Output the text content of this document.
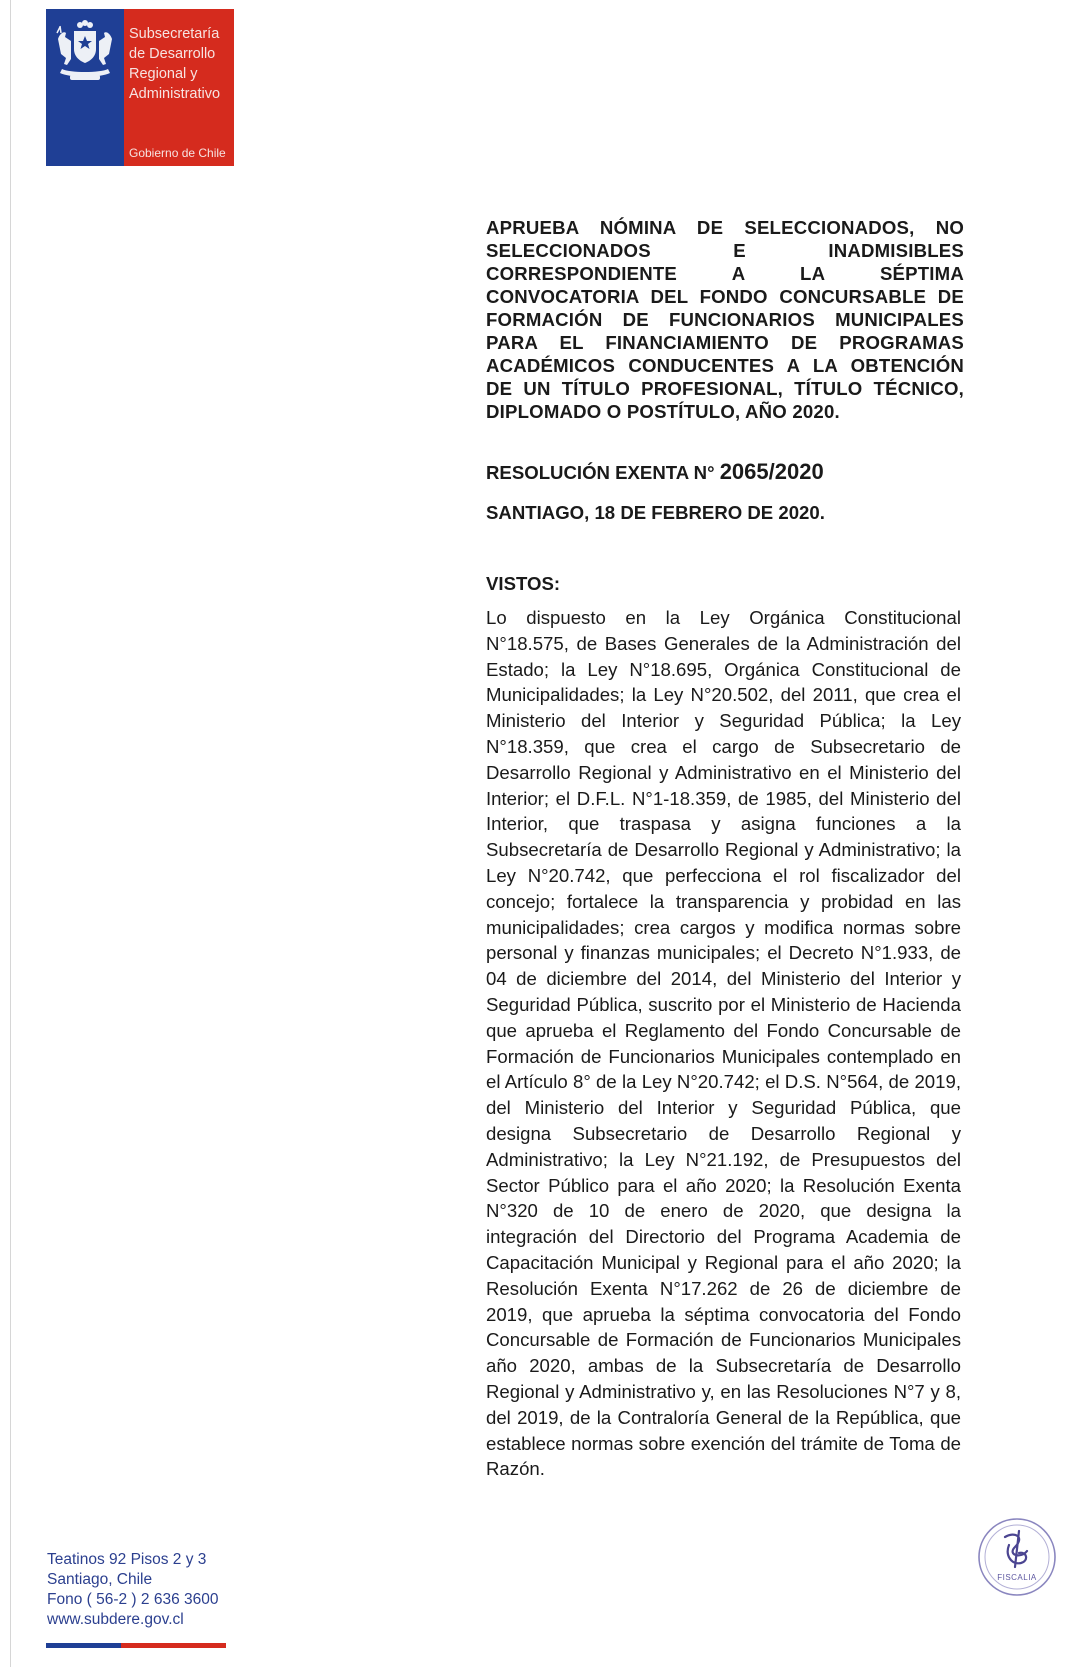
Subsecretaría
de Desarrollo
Regional y
Administrativo
Gobierno de Chile
APRUEBA NÓMINA DE SELECCIONADOS, NO SELECCIONADOS E INADMISIBLES CORRESPONDIENTE A LA SÉPTIMA CONVOCATORIA DEL FONDO CONCURSABLE DE FORMACIÓN DE FUNCIONARIOS MUNICIPALES PARA EL FINANCIAMIENTO DE PROGRAMAS ACADÉMICOS CONDUCENTES A LA OBTENCIÓN DE UN TÍTULO PROFESIONAL, TÍTULO TÉCNICO, DIPLOMADO O POSTÍTULO, AÑO 2020.
RESOLUCIÓN EXENTA N° 2065/2020
SANTIAGO, 18 DE FEBRERO DE 2020.
VISTOS:
Lo dispuesto en la Ley Orgánica Constitucional N°18.575, de Bases Generales de la Administración del Estado; la Ley N°18.695, Orgánica Constitucional de Municipalidades; la Ley N°20.502, del 2011, que crea el Ministerio del Interior y Seguridad Pública; la Ley N°18.359, que crea el cargo de Subsecretario de Desarrollo Regional y Administrativo en el Ministerio del Interior; el D.F.L. N°1-18.359, de 1985, del Ministerio del Interior, que traspasa y asigna funciones a la Subsecretaría de Desarrollo Regional y Administrativo; la Ley N°20.742, que perfecciona el rol fiscalizador del concejo; fortalece la transparencia y probidad en las municipalidades; crea cargos y modifica normas sobre personal y finanzas municipales; el Decreto N°1.933, de 04 de diciembre del 2014, del Ministerio del Interior y Seguridad Pública, suscrito por el Ministerio de Hacienda que aprueba el Reglamento del Fondo Concursable de Formación de Funcionarios Municipales contemplado en el Artículo 8° de la Ley N°20.742; el D.S. N°564, de 2019, del Ministerio del Interior y Seguridad Pública, que designa Subsecretario de Desarrollo Regional y Administrativo; la Ley N°21.192, de Presupuestos del Sector Público para el año 2020; la Resolución Exenta N°320 de 10 de enero de 2020, que designa la integración del Directorio del Programa Academia de Capacitación Municipal y Regional para el año 2020; la Resolución Exenta N°17.262 de 26 de diciembre de 2019, que aprueba la séptima convocatoria del Fondo Concursable de Formación de Funcionarios Municipales año 2020, ambas de la Subsecretaría de Desarrollo Regional y Administrativo y, en las Resoluciones N°7 y 8, del 2019, de la Contraloría General de la República, que establece normas sobre exención del trámite de Toma de Razón.
Teatinos 92 Pisos 2 y 3
Santiago, Chile
Fono ( 56-2 ) 2 636 3600
www.subdere.gov.cl
FISCALIA
